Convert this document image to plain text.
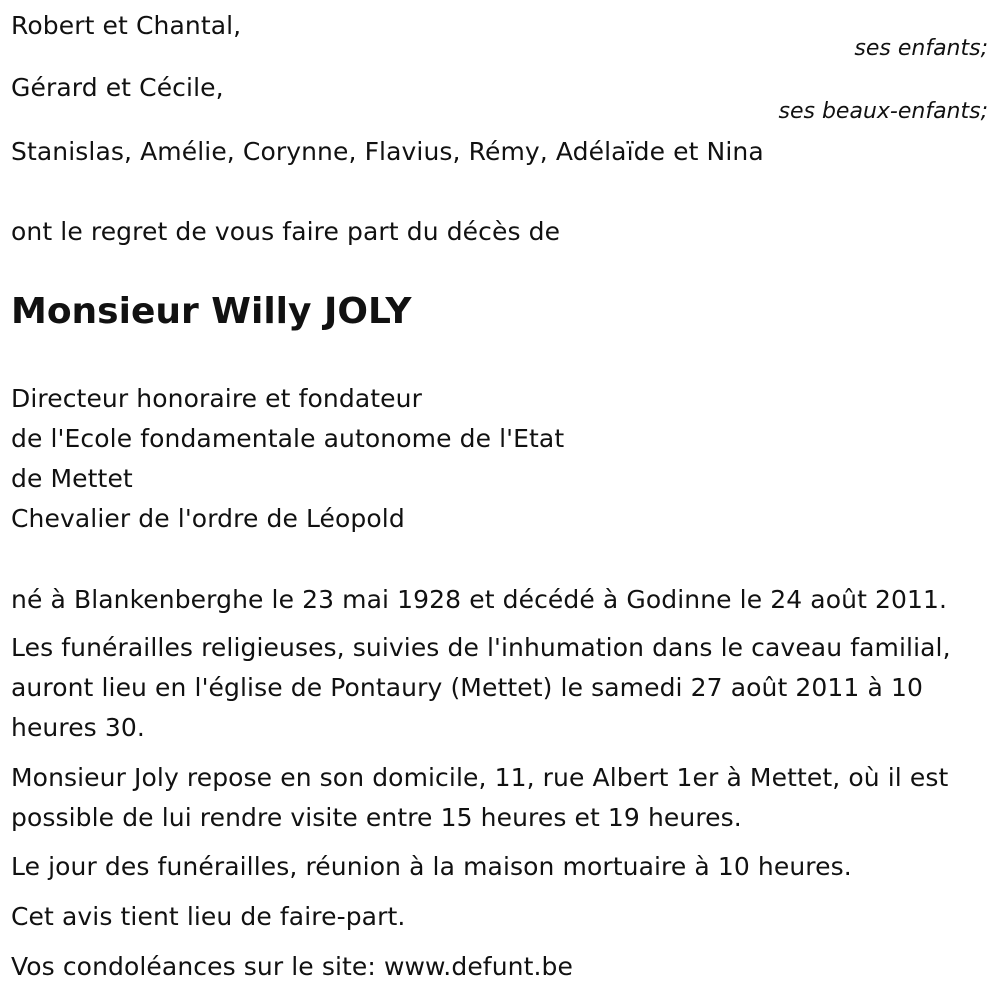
Robert et Chantal,
ses enfants;
Gérard et Cécile,
ses beaux-enfants;
Stanislas, Amélie, Corynne, Flavius, Rémy, Adélaïde et Nina
ont le regret de vous faire part du décès de
Monsieur Willy JOLY
Directeur honoraire et fondateur
de l'Ecole fondamentale autonome de l'Etat
de Mettet
Chevalier de l'ordre de Léopold
né à Blankenberghe le 23 mai 1928 et décédé à Godinne le 24 août 2011.
Les funérailles religieuses, suivies de l'inhumation dans le caveau familial,
auront lieu en l'église de Pontaury (Mettet) le samedi 27 août 2011 à 10
heures 30.
Monsieur Joly repose en son domicile, 11, rue Albert 1er à Mettet, où il est
possible de lui rendre visite entre 15 heures et 19 heures.
Le jour des funérailles, réunion à la maison mortuaire à 10 heures.
Cet avis tient lieu de faire-part.
Vos condoléances sur le site: www.defunt.be
